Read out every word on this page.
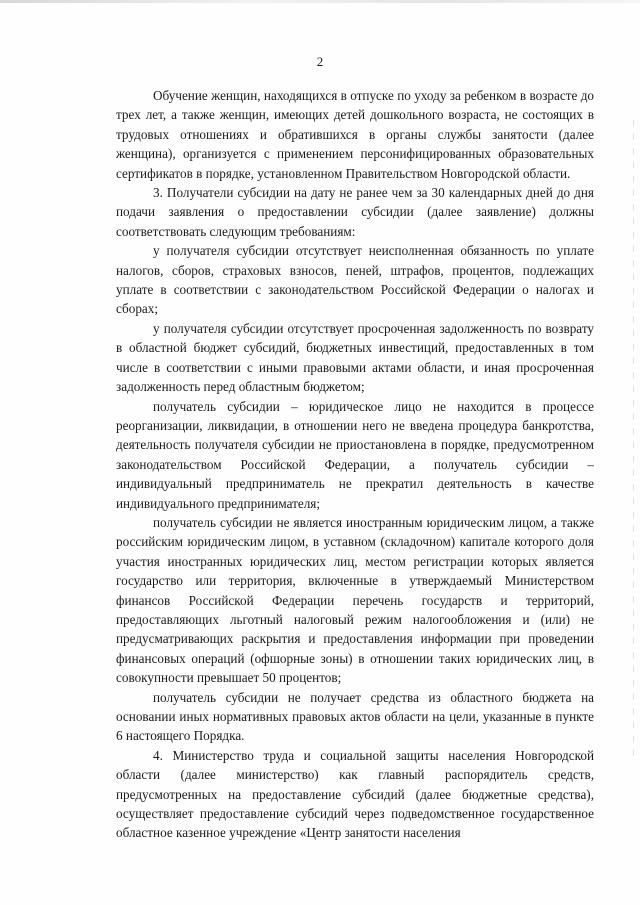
2

Обучение женщин, находящихся в отпуске по уходу за ребенком в возрасте до трех лет, а также женщин, имеющих детей дошкольного возраста, не состоящих в трудовых отношениях и обратившихся в органы службы занятости (далее женщина), организуется с применением персонифицированных образовательных сертификатов в порядке, установленном Правительством Новгородской области.

3. Получатели субсидии на дату не ранее чем за 30 календарных дней до дня подачи заявления о предоставлении субсидии (далее заявление) должны соответствовать следующим требованиям:

у получателя субсидии отсутствует неисполненная обязанность по уплате налогов, сборов, страховых взносов, пеней, штрафов, процентов, подлежащих уплате в соответствии с законодательством Российской Федерации о налогах и сборах;

у получателя субсидии отсутствует просроченная задолженность по возврату в областной бюджет субсидий, бюджетных инвестиций, предоставленных в том числе в соответствии с иными правовыми актами области, и иная просроченная задолженность перед областным бюджетом;

получатель субсидии – юридическое лицо не находится в процессе реорганизации, ликвидации, в отношении него не введена процедура банкротства, деятельность получателя субсидии не приостановлена в порядке, предусмотренном законодательством Российской Федерации, а получатель субсидии – индивидуальный предприниматель не прекратил деятельность в качестве индивидуального предпринимателя;

получатель субсидии не является иностранным юридическим лицом, а также российским юридическим лицом, в уставном (складочном) капитале которого доля участия иностранных юридических лиц, местом регистрации которых является государство или территория, включенные в утверждаемый Министерством финансов Российской Федерации перечень государств и территорий, предоставляющих льготный налоговый режим налогообложения и (или) не предусматривающих раскрытия и предоставления информации при проведении финансовых операций (офшорные зоны) в отношении таких юридических лиц, в совокупности превышает 50 процентов;

получатель субсидии не получает средства из областного бюджета на основании иных нормативных правовых актов области на цели, указанные в пункте 6 настоящего Порядка.

4. Министерство труда и социальной защиты населения Новгородской области (далее министерство) как главный распорядитель средств, предусмотренных на предоставление субсидий (далее бюджетные средства), осуществляет предоставление субсидий через подведомственное государственное областное казенное учреждение «Центр занятости населения
